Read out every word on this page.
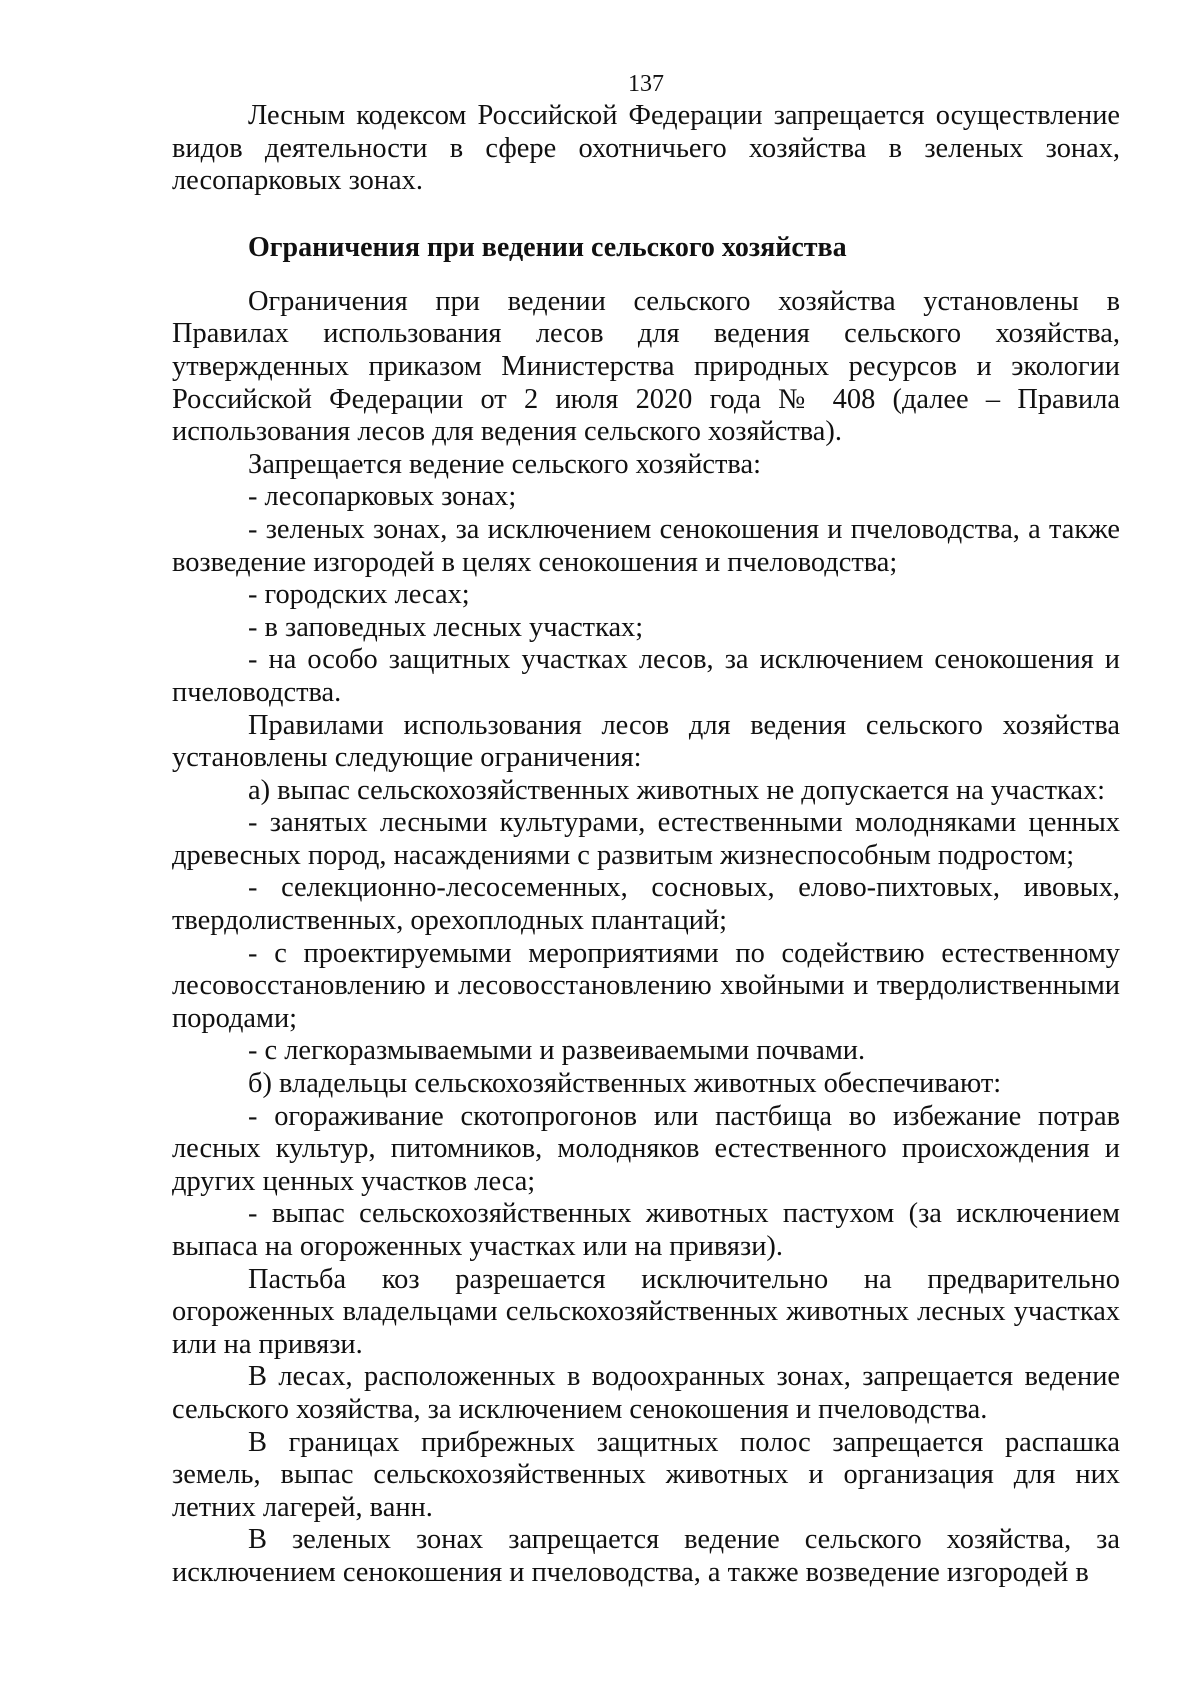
137

Лесным кодексом Российской Федерации запрещается осуществление видов деятельности в сфере охотничьего хозяйства в зеленых зонах, лесопарковых зонах.

Ограничения при ведении сельского хозяйства

Ограничения при ведении сельского хозяйства установлены в Правилах использования лесов для ведения сельского хозяйства, утвержденных приказом Министерства природных ресурсов и экологии Российской Федерации от 2 июля 2020 года № 408 (далее – Правила использования лесов для ведения сельского хозяйства).

Запрещается ведение сельского хозяйства:

- лесопарковых зонах;

- зеленых зонах, за исключением сенокошения и пчеловодства, а также возведение изгородей в целях сенокошения и пчеловодства;

- городских лесах;

- в заповедных лесных участках;

- на особо защитных участках лесов, за исключением сенокошения и пчеловодства.

Правилами использования лесов для ведения сельского хозяйства установлены следующие ограничения:

а) выпас сельскохозяйственных животных не допускается на участках:

- занятых лесными культурами, естественными молодняками ценных древесных пород, насаждениями с развитым жизнеспособным подростом;

- селекционно-лесосеменных, сосновых, елово-пихтовых, ивовых, твердолиственных, орехоплодных плантаций;

- с проектируемыми мероприятиями по содействию естественному лесовосстановлению и лесовосстановлению хвойными и твердолиственными породами;

- с легкоразмываемыми и развеиваемыми почвами.

б) владельцы сельскохозяйственных животных обеспечивают:

- огораживание скотопрогонов или пастбища во избежание потрав лесных культур, питомников, молодняков естественного происхождения и других ценных участков леса;

- выпас сельскохозяйственных животных пастухом (за исключением выпаса на огороженных участках или на привязи).

Пастьба коз разрешается исключительно на предварительно огороженных владельцами сельскохозяйственных животных лесных участках или на привязи.

В лесах, расположенных в водоохранных зонах, запрещается ведение сельского хозяйства, за исключением сенокошения и пчеловодства.

В границах прибрежных защитных полос запрещается распашка земель, выпас сельскохозяйственных животных и организация для них летних лагерей, ванн.

В зеленых зонах запрещается ведение сельского хозяйства, за исключением сенокошения и пчеловодства, а также возведение изгородей в
